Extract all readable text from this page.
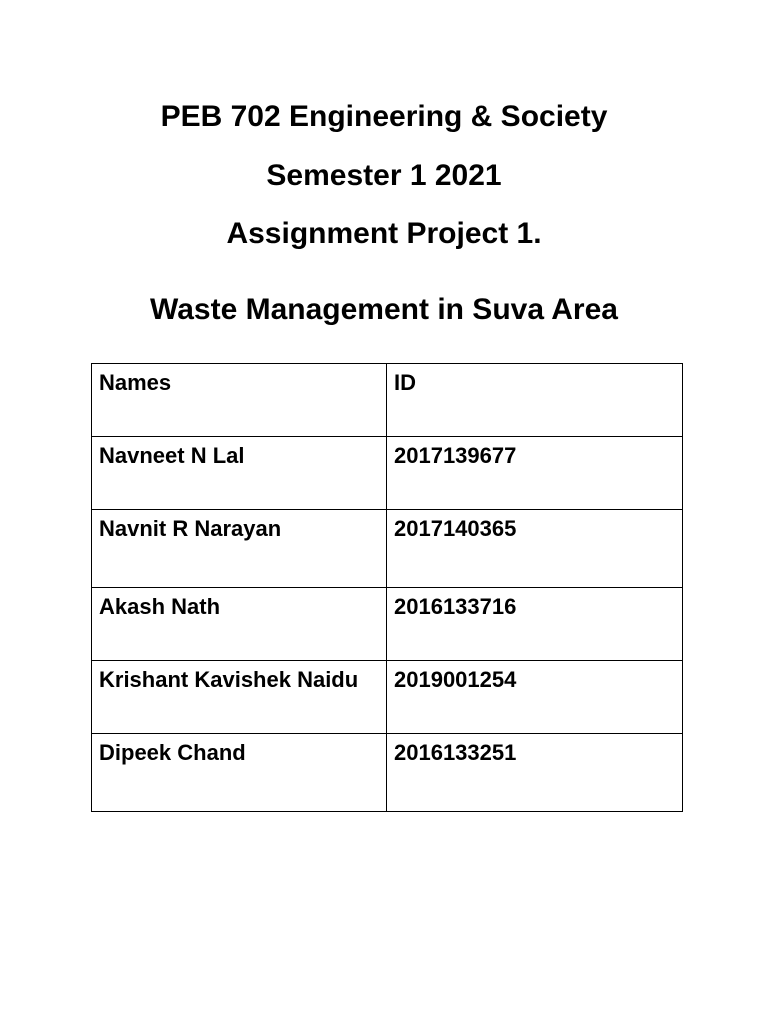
PEB 702 Engineering & Society
Semester 1 2021
Assignment Project 1.
Waste Management in Suva Area
Names	ID
Navneet N Lal	2017139677
Navnit R Narayan	2017140365
Akash Nath	2016133716
Krishant Kavishek Naidu	2019001254
Dipeek Chand	2016133251
